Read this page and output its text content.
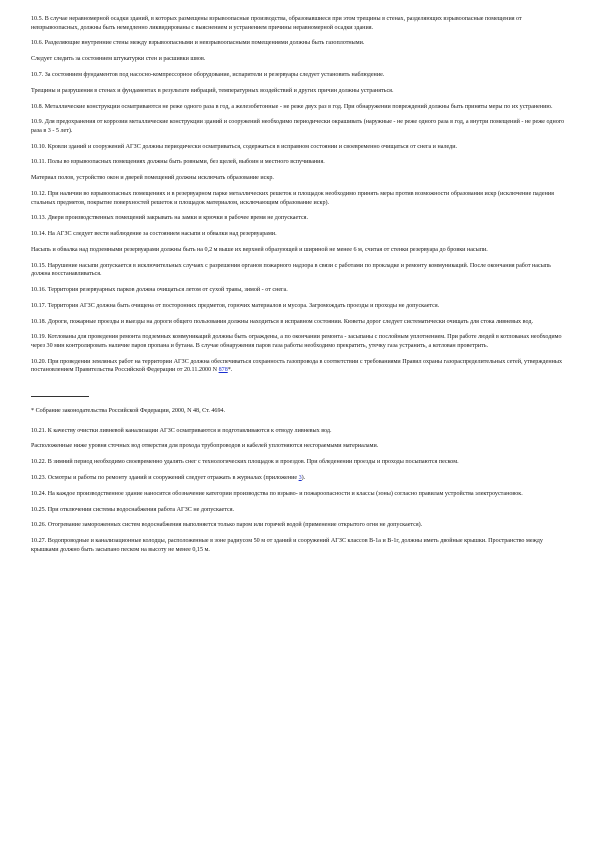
10.5. В случае неравномерной осадки зданий, в которых размещены взрывоопасные производства, образовавшиеся при этом трещины в стенах, разделяющих взрывоопасные помещения от невзрывоопасных, должны быть немедленно ликвидированы с выяснением и устранением причины неравномерной осадки здания.

10.6. Разделяющие внутренние стены между взрывоопасными и невзрывоопасными помещениями должны быть газоплотными.

Следует следить за состоянием штукатурки стен и расшивки швов.

10.7. За состоянием фундаментов под насосно-компрессорное оборудование, испарители и резервуары следует установить наблюдение.

Трещины и разрушения в стенах и фундаментах в результате вибраций, температурных воздействий и других причин должны устраняться.

10.8. Металлические конструкции осматриваются не реже одного раза в год, а железобетонные - не реже двух раз в год. При обнаружении повреждений должны быть приняты меры по их устранению.

10.9. Для предохранения от коррозии металлические конструкции зданий и сооружений необходимо периодически окрашивать (наружные - не реже одного раза в год, а внутри помещений - не реже одного раза в 3 - 5 лет).

10.10. Кровли зданий и сооружений АГЗС должны периодически осматриваться, содержаться в исправном состоянии и своевременно очищаться от снега и наледи.

10.11. Полы во взрывоопасных помещениях должны быть ровными, без щелей, выбоин и местного вспучивания.

Материал полов, устройство окон и дверей помещений должны исключать образование искр.

10.12. При наличии во взрывоопасных помещениях и в резервуарном парке металлических решеток и площадок необходимо принять меры против возможности образования искр (исключение падения стальных предметов, покрытие поверхностей решеток и площадок материалом, исключающим образование искр).

10.13. Двери производственных помещений закрывать на замки и крючки в рабочее время не допускается.

10.14. На АГЗС следует вести наблюдение за состоянием насыпи и обвалки над резервуарами.

Насыпь и обвалка над подземными резервуарами должны быть на 0,2 м выше их верхней образующей и шириной не менее 6 м, считая от стенки резервуара до бровки насыпи.

10.15. Нарушение насыпи допускается в исключительных случаях с разрешения органов пожарного надзора в связи с работами по прокладке и ремонту коммуникаций. После окончания работ насыпь должна восстанавливаться.

10.16. Территория резервуарных парков должна очищаться летом от сухой травы, зимой - от снега.

10.17. Территория АГЗС должна быть очищена от посторонних предметов, горючих материалов и мусора. Загромождать проезды и проходы не допускается.

10.18. Дороги, пожарные проезды и выезды на дороги общего пользования должны находиться в исправном состоянии. Кюветы дорог следует систематически очищать для стока ливневых вод.

10.19. Котлованы для проведения ремонта подземных коммуникаций должны быть ограждены, а по окончании ремонта - засыпаны с послойным уплотнением. При работе людей в котлованах необходимо через 30 мин контролировать наличие паров пропана и бутана. В случае обнаружения паров газа работы необходимо прекратить, утечку газа устранить, а котлован проветрить.

10.20. При проведении земляных работ на территории АГЗС должна обеспечиваться сохранность газопровода в соответствии с требованиями Правил охраны газораспределительных сетей, утвержденных постановлением Правительства Российской Федерации от 20.11.2000 N 878*.

* Собрание законодательства Российской Федерации, 2000, N 48, Ст. 4694.

10.21. К качеству очистки ливневой канализации АГЗС осматриваются и подготавливаются к отводу ливневых вод.

Расположенные ниже уровня сточных вод отверстия для прохода трубопроводов и кабелей уплотняются несгораемыми материалами.

10.22. В зимний период необходимо своевременно удалять снег с технологических площадок и проездов. При обледенении проезды и проходы посыпаются песком.

10.23. Осмотры и работы по ремонту зданий и сооружений следует отражать в журналах (приложение 3).

10.24. На каждое производственное здание наносится обозначение категории производства по взрыво- и пожароопасности и классы (зоны) согласно правилам устройства электроустановок.

10.25. При отключении системы водоснабжения работа АГЗС не допускается.

10.26. Отогревание замороженных систем водоснабжения выполняется только паром или горячей водой (применение открытого огня не допускается).

10.27. Водопроводные и канализационные колодцы, расположенные в зоне радиусом 50 м от зданий и сооружений АГЗС классов В-1а и В-1г, должны иметь двойные крышки. Пространство между крышками должно быть засыпано песком на высоту не менее 0,15 м.
